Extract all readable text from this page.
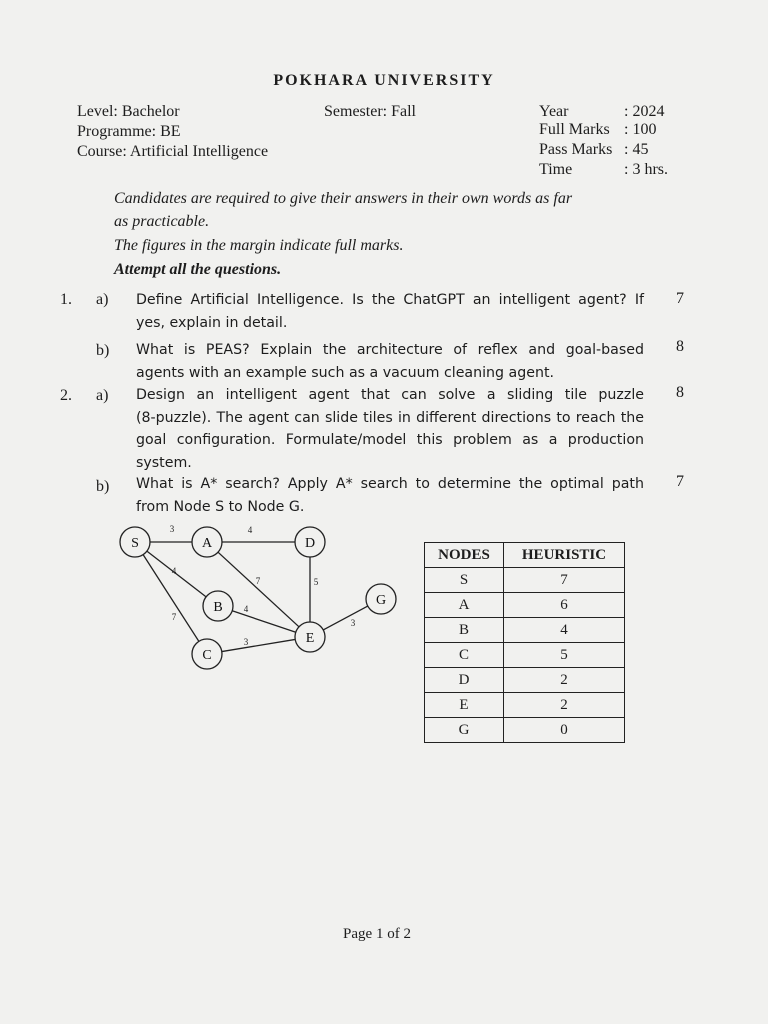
POKHARA UNIVERSITY
Level: Bachelor
Programme: BE
Course: Artificial Intelligence
Semester: Fall	Year	: 2024
Full Marks : 100
Pass Marks : 45
Time	: 3 hrs.
Candidates are required to give their answers in their own words as far
as practicable.
The figures in the margin indicate full marks.
Attempt all the questions.
1. a) Define Artificial Intelligence. Is the ChatGPT an intelligent agent? If
yes, explain in detail.
7
b) What is PEAS? Explain the architecture of reflex and goal-based
agents with an example such as a vacuum cleaning agent.
8
2. a) Design an intelligent agent that can solve a sliding tile puzzle
(8-puzzle). The agent can slide tiles in different directions to reach the
goal configuration. Formulate/model this problem as a production
system.
8
b) What is A* search? Apply A* search to determine the optimal path
from Node S to Node G.
7
3	4
4
7
7
4
3
5
3
S	A	D
B	G
C
E
NODES	HEURISTIC
S	7
A	6
B	4
C	5
D	2
E	2
G	0
Page 1 of 2
